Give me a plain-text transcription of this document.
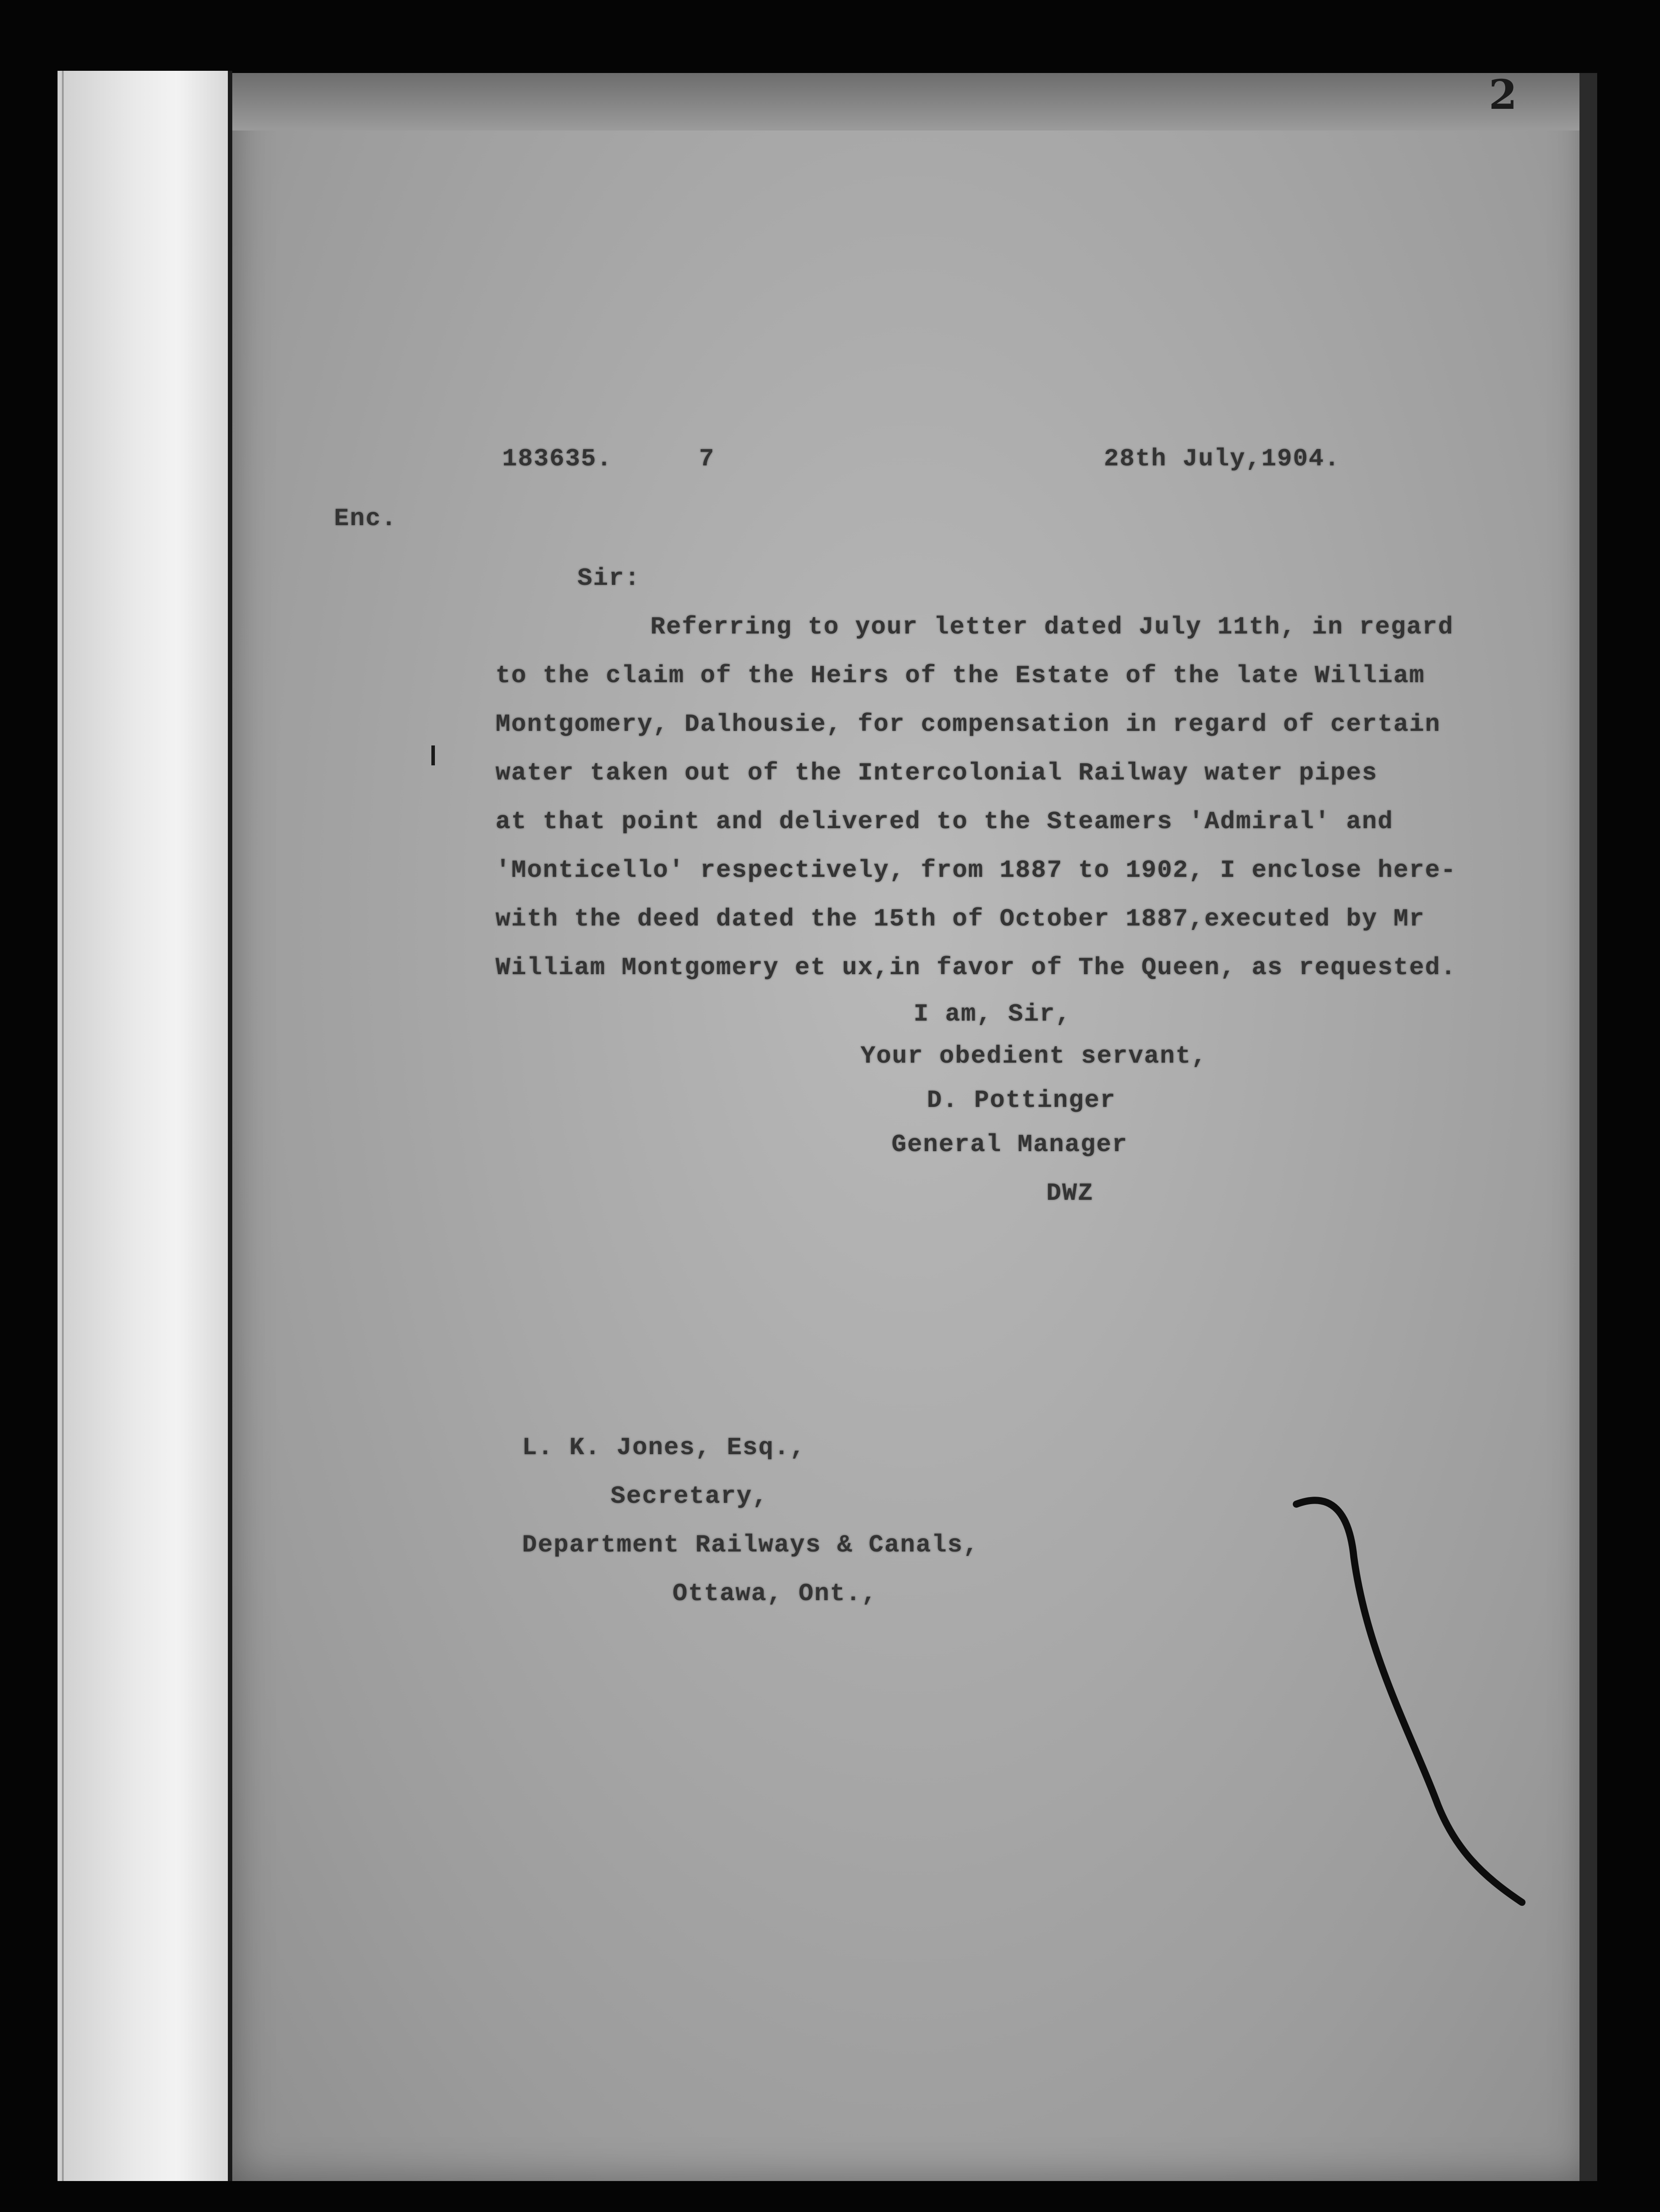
2
183635.	7	28th July,1904.
Enc.
Sir:
Referring to your letter dated July 11th, in regard
to the claim of the Heirs of the Estate of the late William
Montgomery, Dalhousie, for compensation in regard of certain
water taken out of the Intercolonial Railway water pipes
at that point and delivered to the Steamers 'Admiral' and
'Monticello' respectively, from 1887 to 1902, I enclose here-
with the deed dated the 15th of October 1887,executed by Mr
William Montgomery et ux,in favor of The Queen, as requested.
I am, Sir,
Your obedient servant,
D. Pottinger
General Manager
DWZ
L. K. Jones, Esq.,
Secretary,
Department Railways & Canals,
Ottawa, Ont.,
